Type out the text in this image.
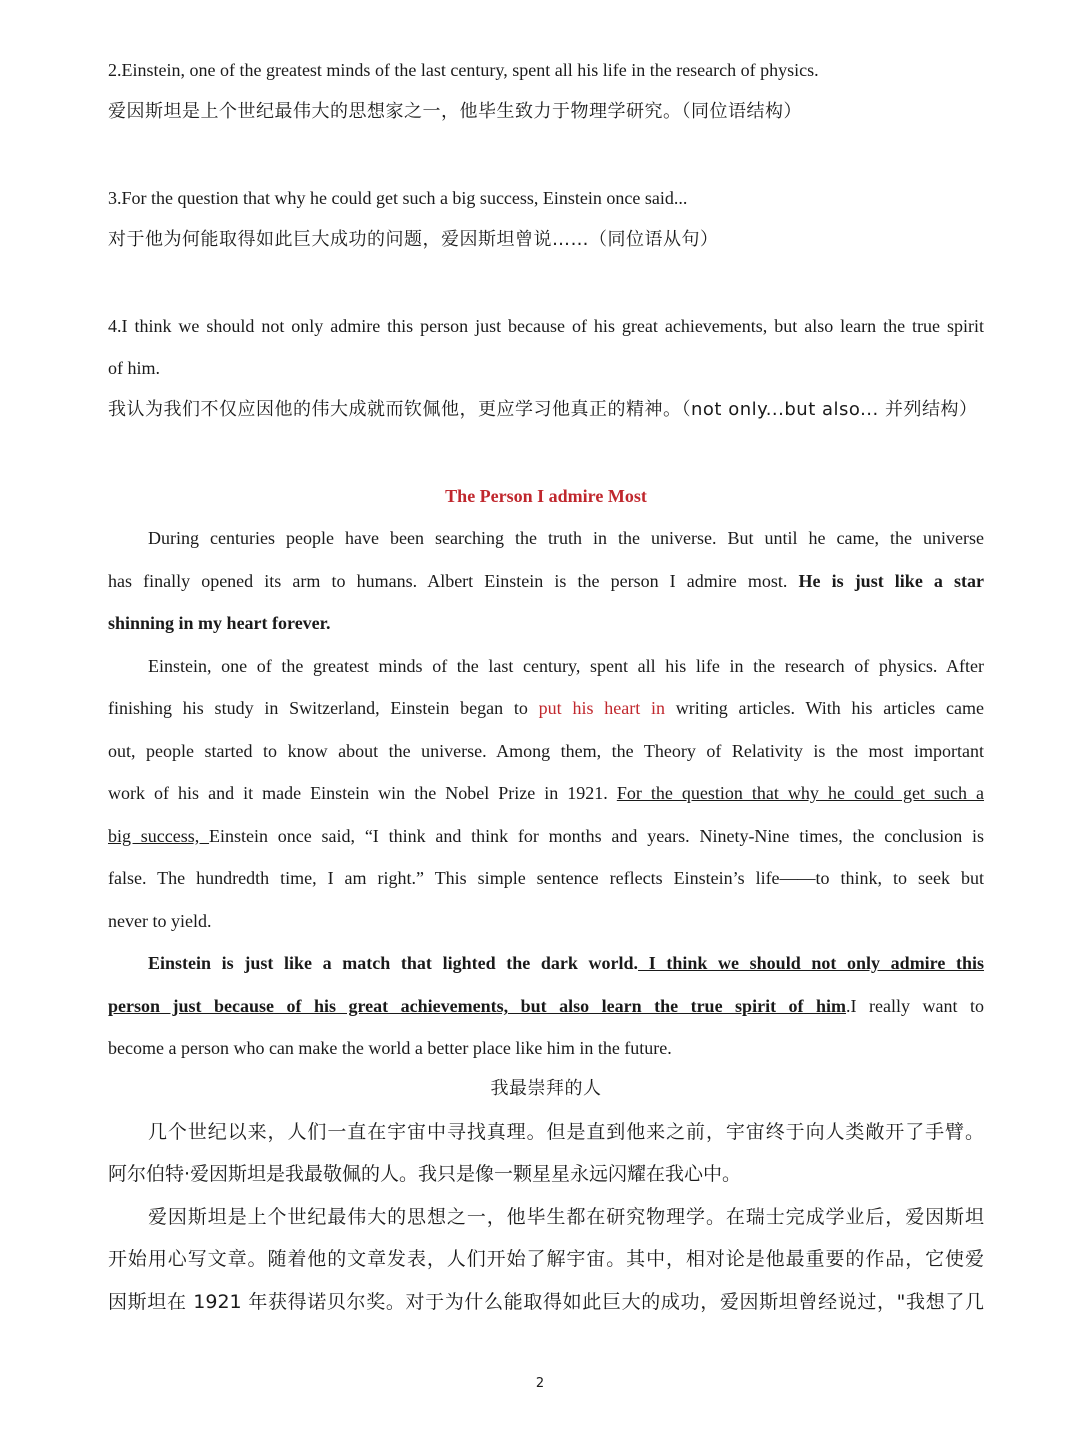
2.Einstein, one of the greatest minds of the last century, spent all his life in the research of physics.
爱因斯坦是上个世纪最伟大的思想家之一，他毕生致力于物理学研究。（同位语结构）
3.For the question that why he could get such a big success, Einstein once said...
对于他为何能取得如此巨大成功的问题，爱因斯坦曾说……（同位语从句）
4.I think we should not only admire this person just because of his great achievements, but also learn the true spirit
of him.
我认为我们不仅应因他的伟大成就而钦佩他，更应学习他真正的精神。（not only...but also... 并列结构）
The Person I admire Most
During centuries people have been searching the truth in the universe. But until he came, the universe
has finally opened its arm to humans. Albert Einstein is the person I admire most. He is just like a star
shinning in my heart forever.
Einstein, one of the greatest minds of the last century, spent all his life in the research of physics. After
finishing his study in Switzerland, Einstein began to put his heart in writing articles. With his articles came
out, people started to know about the universe. Among them, the Theory of Relativity is the most important
work of his and it made Einstein win the Nobel Prize in 1921. For the question that why he could get such a
big success, Einstein once said, “I think and think for months and years. Ninety-Nine times, the conclusion is
false. The hundredth time, I am right.” This simple sentence reflects Einstein’s life——to think, to seek but
never to yield.
Einstein is just like a match that lighted the dark world. I think we should not only admire this
person just because of his great achievements, but also learn the true spirit of him.I really want to
become a person who can make the world a better place like him in the future.
我最崇拜的人
几个世纪以来，人们一直在宇宙中寻找真理。但是直到他来之前，宇宙终于向人类敞开了手臂。
阿尔伯特·爱因斯坦是我最敬佩的人。我只是像一颗星星永远闪耀在我心中。
爱因斯坦是上个世纪最伟大的思想之一，他毕生都在研究物理学。在瑞士完成学业后，爱因斯坦
开始用心写文章。随着他的文章发表，人们开始了解宇宙。其中，相对论是他最重要的作品，它使爱
因斯坦在 1921 年获得诺贝尔奖。对于为什么能取得如此巨大的成功，爱因斯坦曾经说过，"我想了几
2
